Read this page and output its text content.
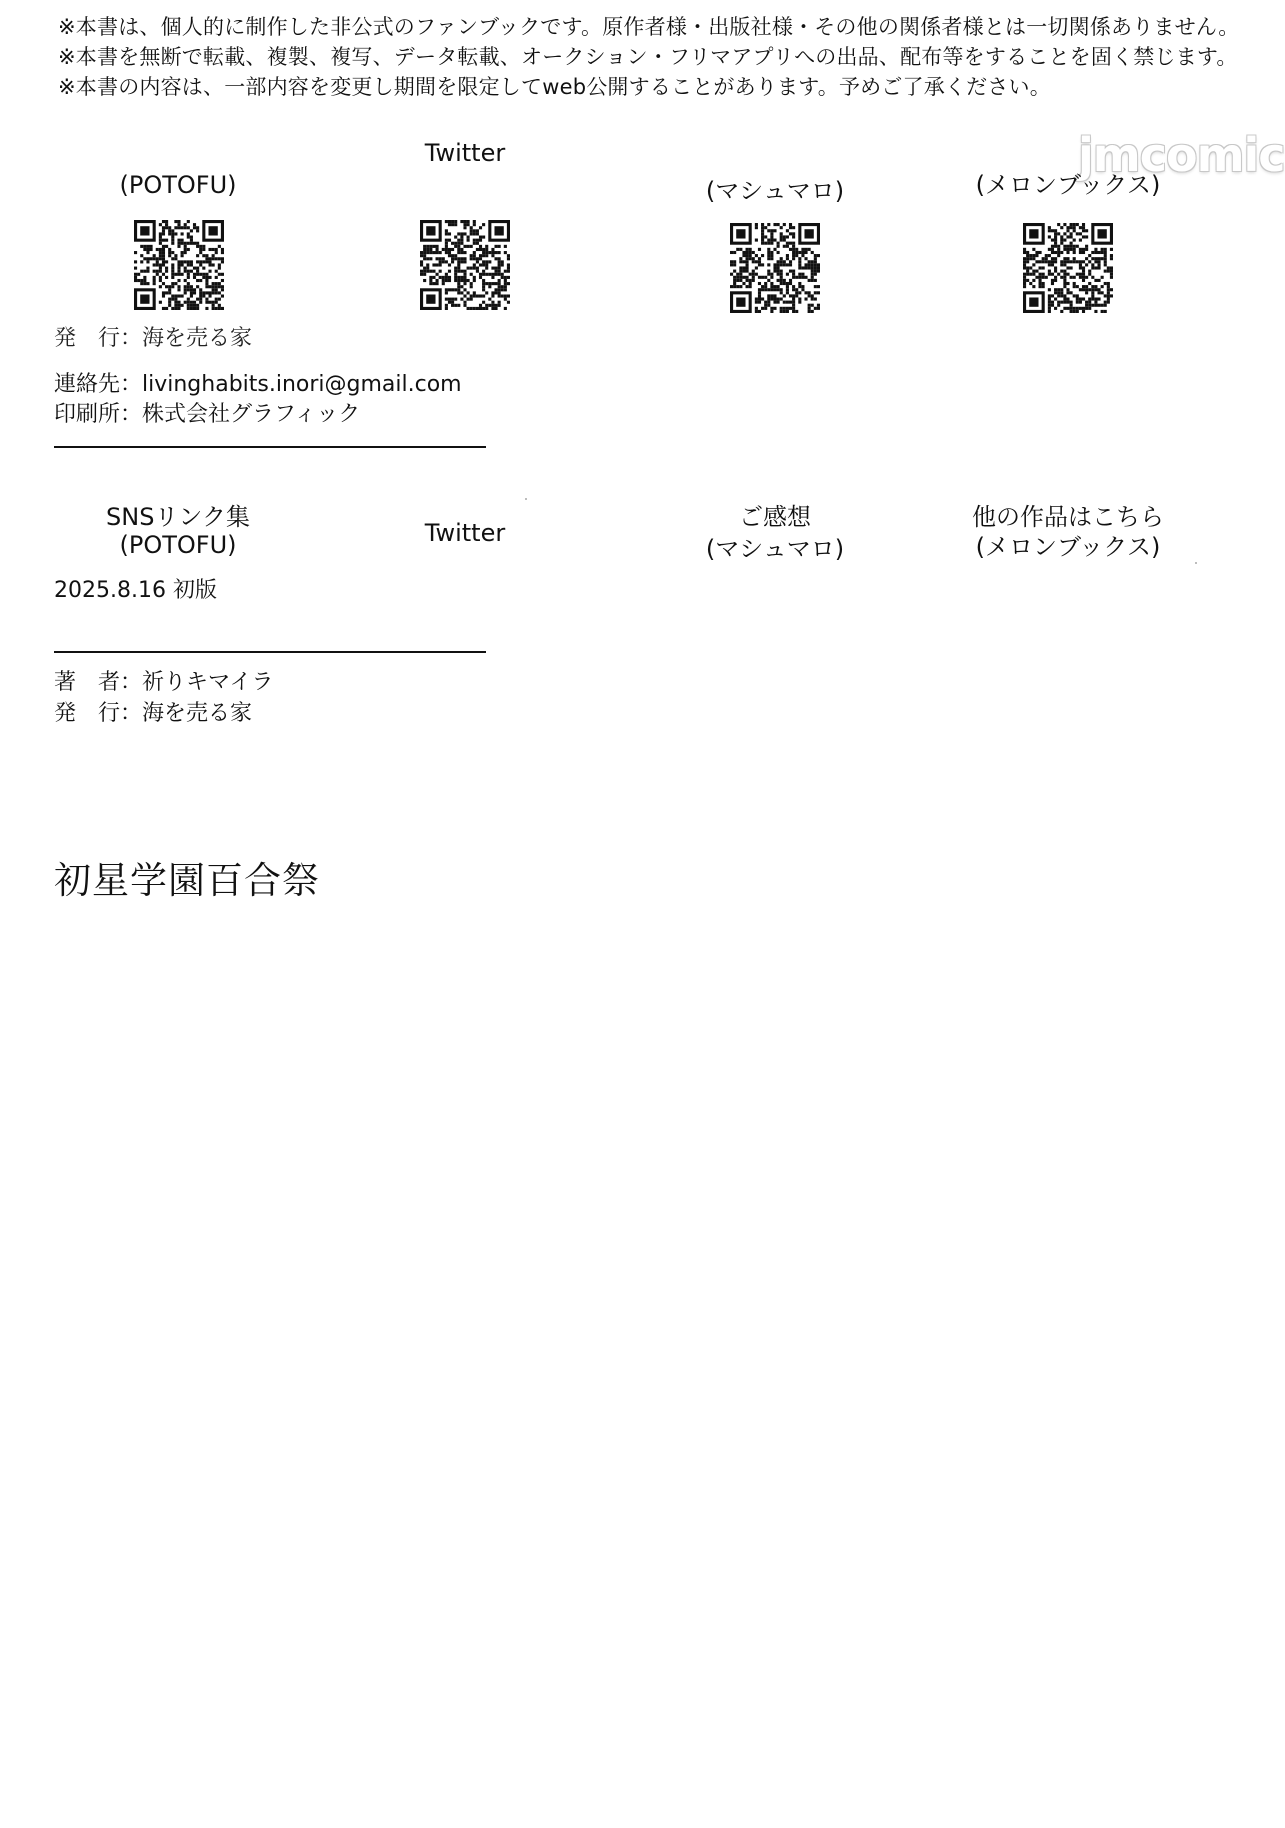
※本書は、個人的に制作した非公式のファンブックです。原作者様・出版社様・その他の関係者様とは一切関係ありません。
※本書を無断で転載、複製、複写、データ転載、オークション・フリマアプリへの出品、配布等をすることを固く禁じます。
※本書の内容は、一部内容を変更し期間を限定してweb公開することがあります。予めご了承ください。
jmcomic
(POTOFU)
Twitter
(マシュマロ)	(メロンブックス)
発　行：海を売る家
連絡先：livinghabits.inori@gmail.com
印刷所：株式会社グラフィック
SNSリンク集
(POTOFU)	Twitter
ご感想
(マシュマロ)
他の作品はこちら
(メロンブックス)
2025.8.16 初版
著　者：祈りキマイラ
発　行：海を売る家
初星学園百合祭
